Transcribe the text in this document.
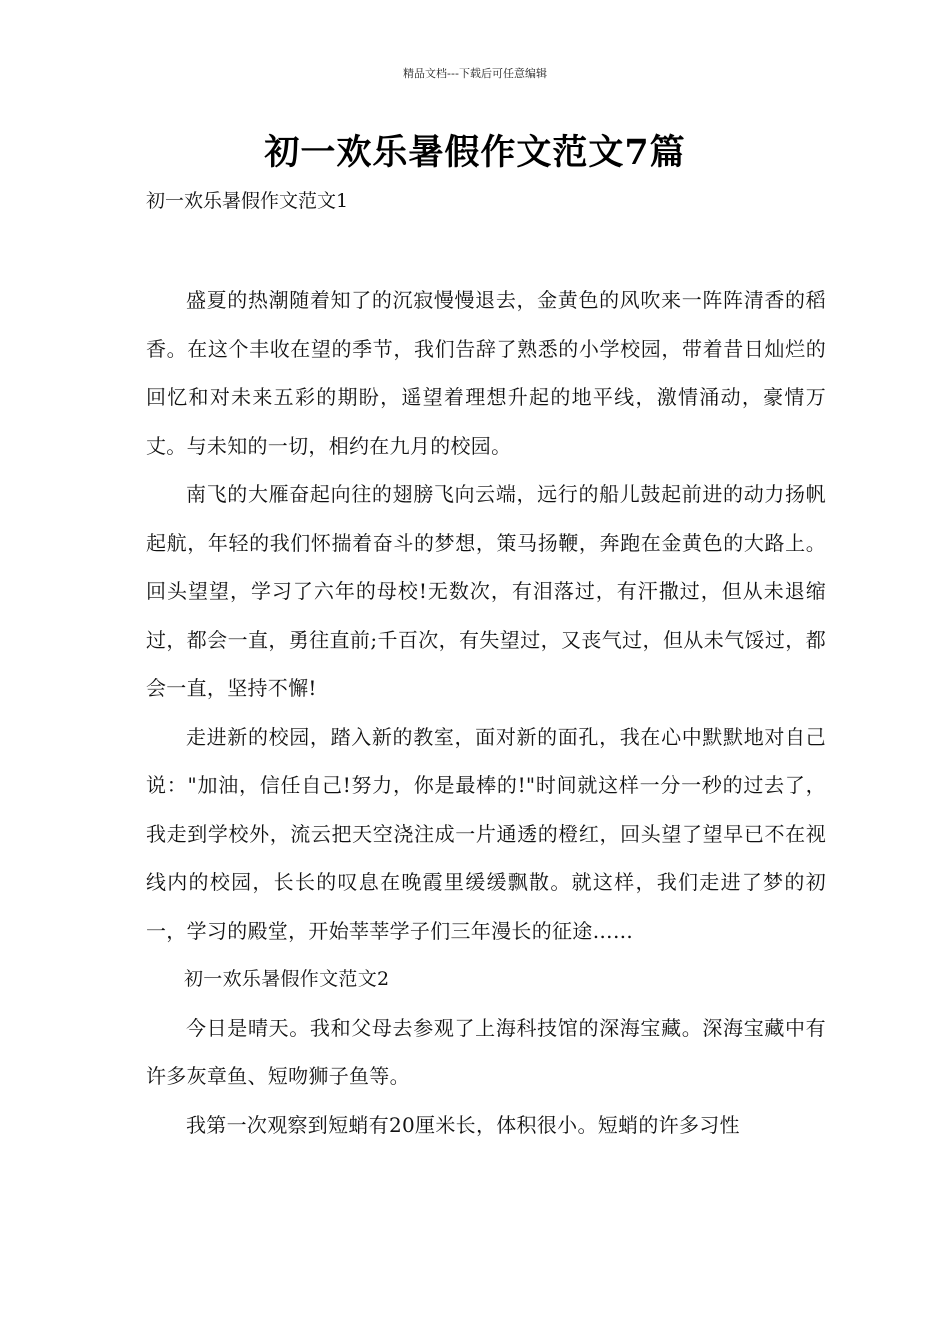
精品文档---下载后可任意编辑
初一欢乐暑假作文范文7篇
初一欢乐暑假作文范文1

盛夏的热潮随着知了的沉寂慢慢退去，金黄色的风吹来一阵阵清香的稻香。在这个丰收在望的季节，我们告辞了熟悉的小学校园，带着昔日灿烂的回忆和对未来五彩的期盼，遥望着理想升起的地平线，激情涌动，豪情万丈。与未知的一切，相约在九月的校园。

南飞的大雁奋起向往的翅膀飞向云端，远行的船儿鼓起前进的动力扬帆起航，年轻的我们怀揣着奋斗的梦想，策马扬鞭，奔跑在金黄色的大路上。回头望望，学习了六年的母校!无数次，有泪落过，有汗撒过，但从未退缩过，都会一直，勇往直前;千百次，有失望过，又丧气过，但从未气馁过，都会一直，坚持不懈!

走进新的校园，踏入新的教室，面对新的面孔，我在心中默默地对自己说："加油，信任自己!努力，你是最棒的!"时间就这样一分一秒的过去了，我走到学校外，流云把天空浇注成一片通透的橙红，回头望了望早已不在视线内的校园，长长的叹息在晚霞里缓缓飘散。就这样，我们走进了梦的初一，学习的殿堂，开始莘莘学子们三年漫长的征途……

初一欢乐暑假作文范文2

今日是晴天。我和父母去参观了上海科技馆的深海宝藏。深海宝藏中有许多灰章鱼、短吻狮子鱼等。

我第一次观察到短蛸有20厘米长，体积很小。短蛸的许多习性
